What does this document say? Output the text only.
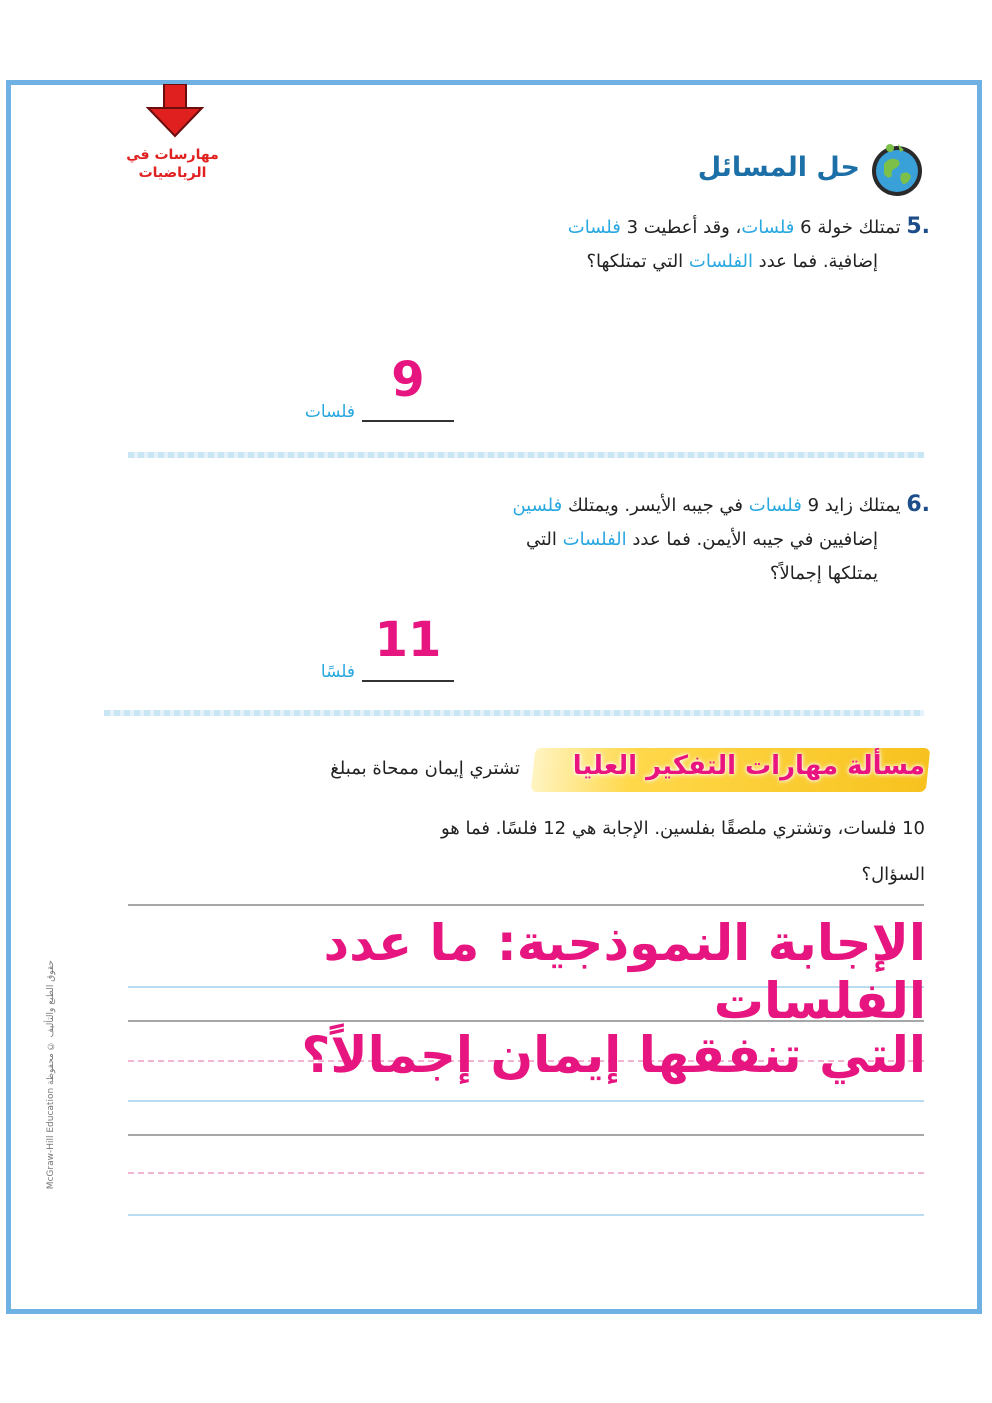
مهارسات في
الرياضيات	حل المسائل
.5 تمتلك خولة 6 فلسات، وقد أعطيت 3 فلسات
إضافية. فما عدد الفلسات التي تمتلكها؟
9
فلسات
.6 يمتلك زايد 9 فلسات في جيبه الأيسر. ويمتلك فلسين
إضافيين في جيبه الأيمن. فما عدد الفلسات التي
يمتلكها إجمالاً؟
11
فلسًا
مسألة مهارات التفكير العليا
تشتري إيمان ممحاة بمبلغ
10 فلسات، وتشتري ملصقًا بفلسين. الإجابة هي 12 فلسًا. فما هو
السؤال؟
الإجابة النموذجية: ما عدد الفلسات
التي تنفقها إيمان إجمالاً؟
McGraw-Hill Education حقوق الطبع والتأليف © محفوظة
